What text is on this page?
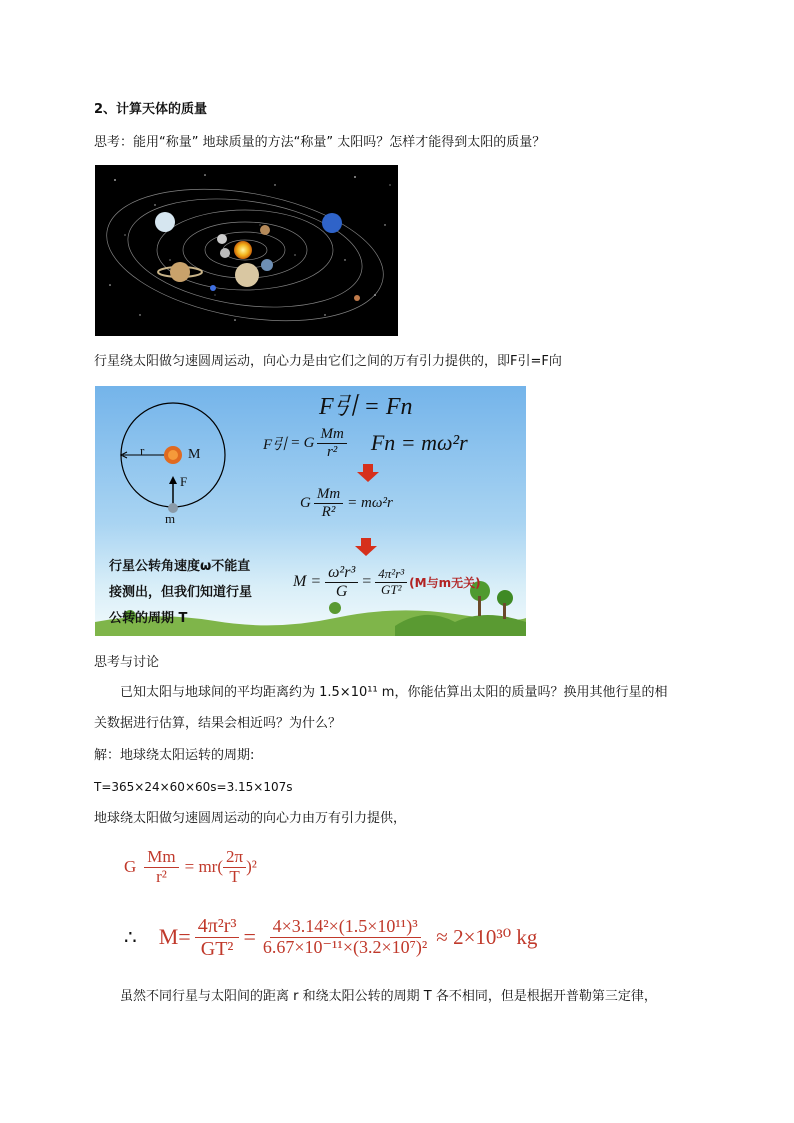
2、计算天体的质量
思考：能用“称量” 地球质量的方法“称量” 太阳吗？怎样才能得到太阳的质量？
行星绕太阳做匀速圆周运动，向心力是由它们之间的万有引力提供的，即F引=F向
r	M
F
m
F引 = Fn
F引 = G $\frac{Mm}{\text{r²}}$ Fn = mω²r
G $\frac{Mm}{\text{R²}} = m\omega^2r$
$M = \frac{\text{ω²r³}}{G} = \frac{\text{4π²r³}}{\text{GT²}} (M$与m无关)
行星公转角速度ω不能直
接测出，但我们知道行星
公转的周期 T
思考与讨论
已知太阳与地球间的平均距离约为 1.5×10¹¹ m，你能估算出太阳的质量吗？换用其他行星的相
关数据进行估算，结果会相近吗？为什么？
解：地球绕太阳运转的周期:
T=365×24×60×60s=3.15×107s
地球绕太阳做匀速圆周运动的向心力由万有引力提供，
G $\frac{Mm}{\text{r²}} = mr( \frac{2\pi}{T} )^2$
∴ $M= \frac{\text{4π²r³}}{\text{GT²}} = \frac{\text{4×3.14²×(1.5×10¹¹)³}}{\text{6.67×10⁻¹¹×(3.2×10⁷)²}} \approx 2\times 10^{30}$ kg
虽然不同行星与太阳间的距离 r 和绕太阳公转的周期 T 各不相同，但是根据开普勒第三定律，
